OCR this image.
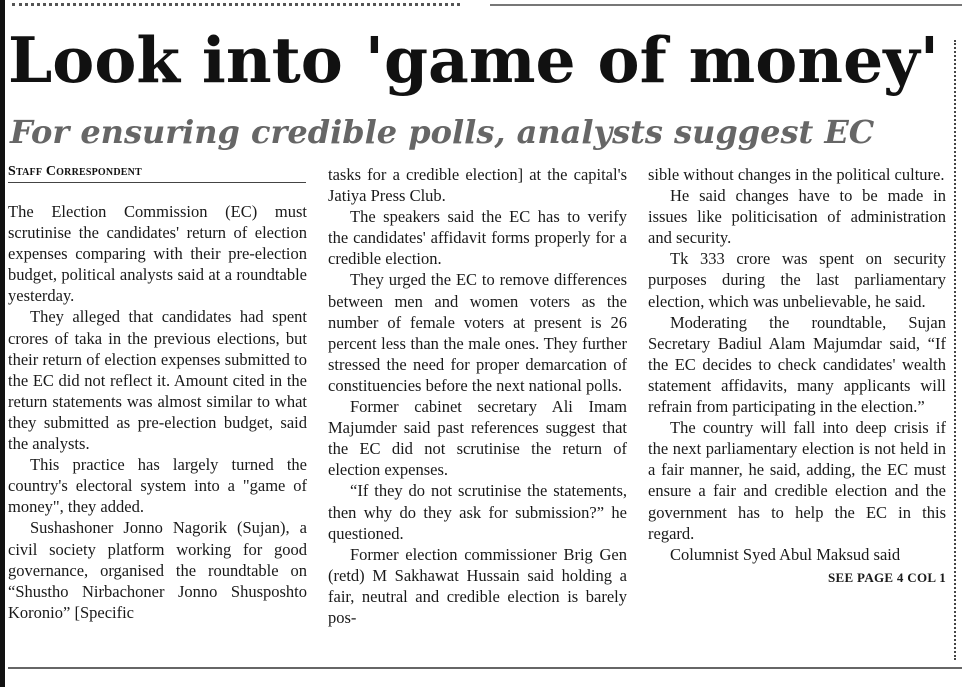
Look into 'game of money'
For ensuring credible polls, analysts suggest EC
Staff Correspondent

The Election Commission (EC) must scrutinise the candidates' return of election expenses comparing with their pre-election budget, political analysts said at a roundtable yesterday.

They alleged that candidates had spent crores of taka in the previous elections, but their return of election expenses submitted to the EC did not reflect it. Amount cited in the return statements was almost similar to what they submitted as pre-election budget, said the analysts.

This practice has largely turned the country's electoral system into a "game of money", they added.

Sushashoner Jonno Nagorik (Sujan), a civil society platform working for good governance, organised the roundtable on “Shustho Nirbachoner Jonno Shusposhto Koronio” [Specific

tasks for a credible election] at the capital's Jatiya Press Club.

The speakers said the EC has to verify the candidates' affidavit forms properly for a credible election.

They urged the EC to remove differences between men and women voters as the number of female voters at present is 26 percent less than the male ones. They further stressed the need for proper demarcation of constituencies before the next national polls.

Former cabinet secretary Ali Imam Majumder said past references suggest that the EC did not scrutinise the return of election expenses.

“If they do not scrutinise the statements, then why do they ask for submission?” he questioned.

Former election commissioner Brig Gen (retd) M Sakhawat Hussain said holding a fair, neutral and credible election is barely pos-

sible without changes in the political culture.

He said changes have to be made in issues like politicisation of administration and security.

Tk 333 crore was spent on security purposes during the last parliamentary election, which was unbelievable, he said.

Moderating the roundtable, Sujan Secretary Badiul Alam Majumdar said, “If the EC decides to check candidates' wealth statement affidavits, many applicants will refrain from participating in the election.”

The country will fall into deep crisis if the next parliamentary election is not held in a fair manner, he said, adding, the EC must ensure a fair and credible election and the government has to help the EC in this regard.

Columnist Syed Abul Maksud said

SEE PAGE 4 COL 1
